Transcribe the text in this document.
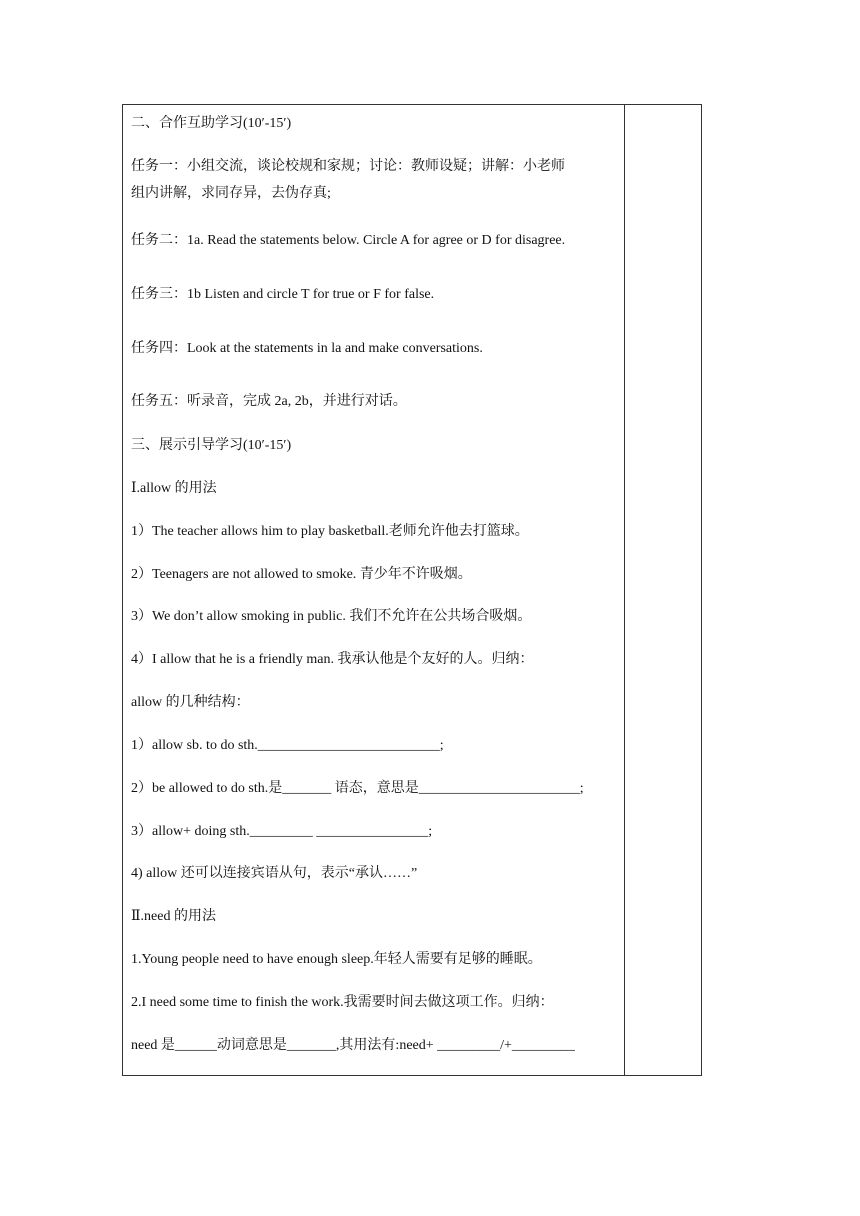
二、合作互助学习(10′-15′)
任务一：小组交流，谈论校规和家规；讨论：教师设疑；讲解：小老师
组内讲解，求同存异，去伪存真;
任务二：1a. Read the statements below. Circle A for agree or D for disagree.
任务三：1b Listen and circle T for true or F for false.
任务四：Look at the statements in la and make conversations.
任务五：听录音，完成 2a, 2b，并进行对话。
三、展示引导学习(10′-15′)
Ⅰ.allow 的用法
1）The teacher allows him to play basketball.老师允许他去打篮球。
2）Teenagers are not allowed to smoke. 青少年不许吸烟。
3）We don’t allow smoking in public. 我们不允许在公共场合吸烟。
4）I allow that he is a friendly man. 我承认他是个友好的人。归纳：
allow 的几种结构：
1）allow sb. to do sth.__________________________;
2）be allowed to do sth.是_______ 语态，意思是_______________________;
3）allow+ doing sth._________ ________________;
4) allow 还可以连接宾语从句，表示“承认……”
Ⅱ.need 的用法
1.Young people need to have enough sleep.年轻人需要有足够的睡眠。
2.I need some time to finish the work.我需要时间去做这项工作。归纳：
need 是______动词意思是_______,其用法有:need+ _________/+_________
